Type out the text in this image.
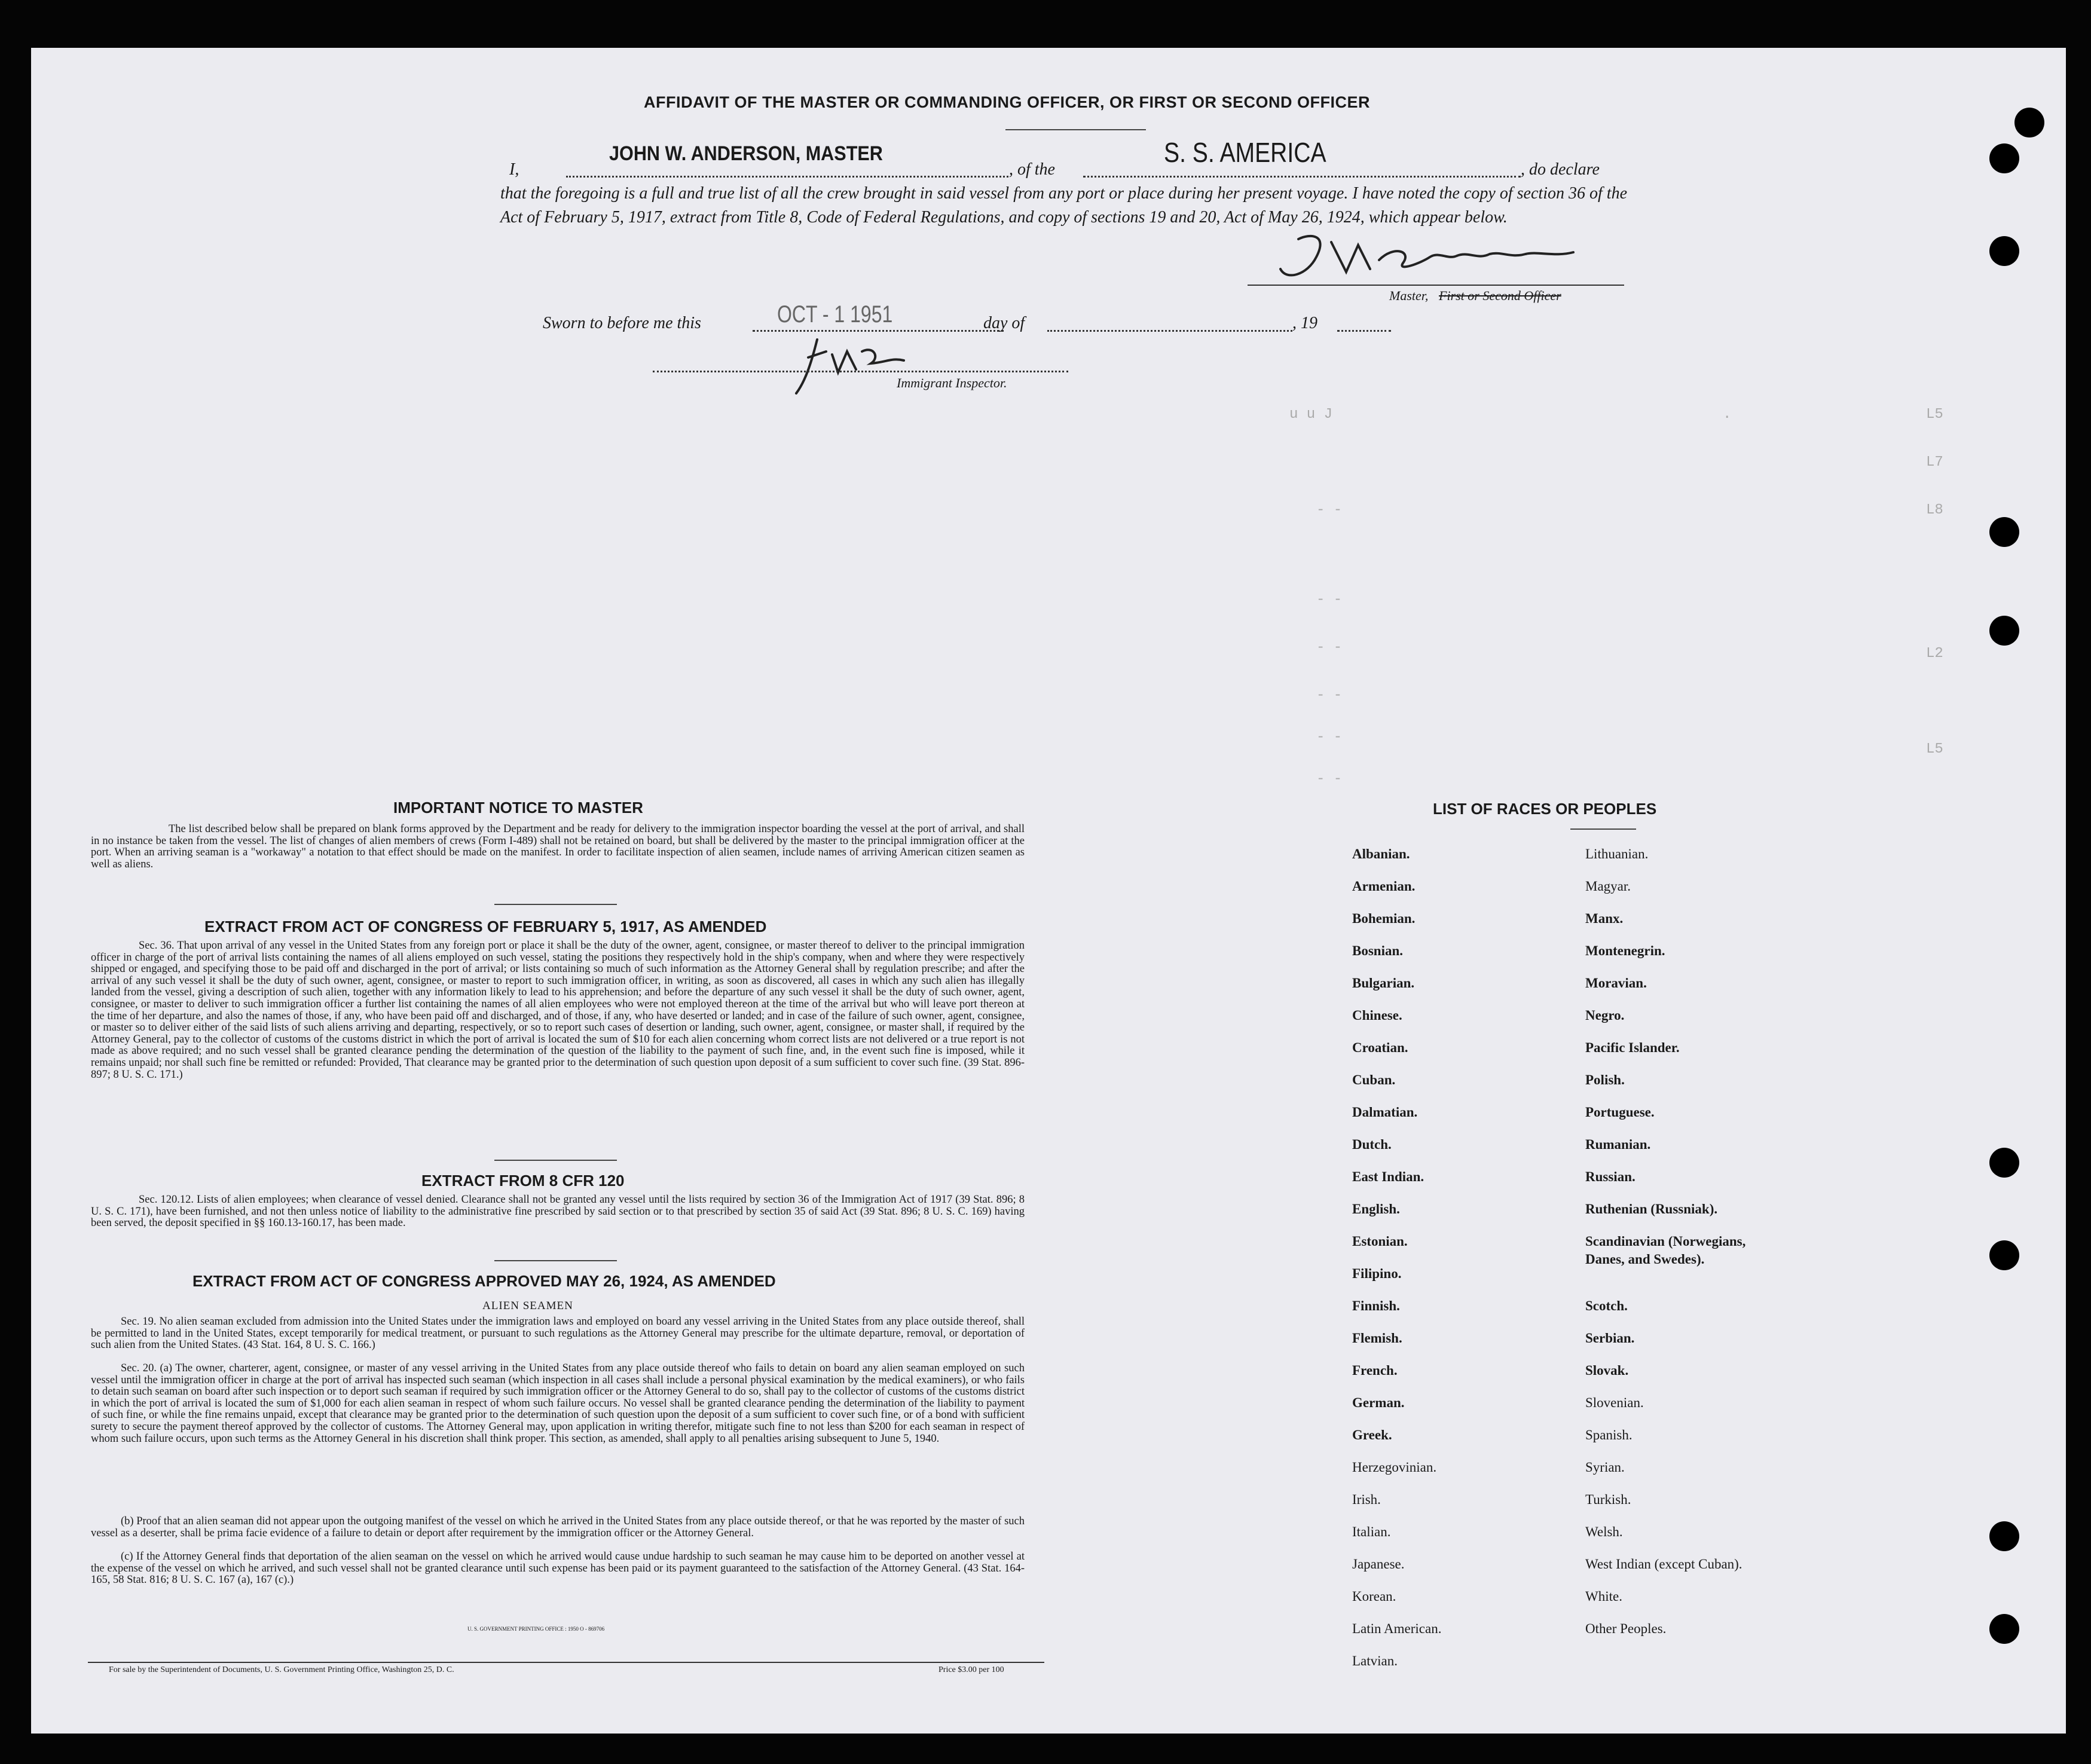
AFFIDAVIT OF THE MASTER OR COMMANDING OFFICER, OR FIRST OR SECOND OFFICER
I,
JOHN W. ANDERSON, MASTER
, of the
S. S. AMERICA
, do declare
that the foregoing is a full and true list of all the crew brought in said vessel from any port or place during her present voyage. I have noted the copy of section 36 of the Act of February 5, 1917, extract from Title 8, Code of Federal Regulations, and copy of sections 19 and 20, Act of May 26, 1924, which appear below.
Master, First or Second Officer
Sworn to before me this	OCT - 1 1951	day of	, 19
Immigrant Inspector.
u u J	.	L5
L7
L8
- -
- -
- -
- -
- -
- -
L2
L5
IMPORTANT NOTICE TO MASTER
The list described below shall be prepared on blank forms approved by the Department and be ready for delivery to the immigration inspector boarding the vessel at the port of arrival, and shall in no instance be taken from the vessel. The list of changes of alien members of crews (Form I-489) shall not be retained on board, but shall be delivered by the master to the principal immigration officer at the port. When an arriving seaman is a "workaway" a notation to that effect should be made on the manifest. In order to facilitate inspection of alien seamen, include names of arriving American citizen seamen as well as aliens.
EXTRACT FROM ACT OF CONGRESS OF FEBRUARY 5, 1917, AS AMENDED
Sec. 36. That upon arrival of any vessel in the United States from any foreign port or place it shall be the duty of the owner, agent, consignee, or master thereof to deliver to the principal immigration officer in charge of the port of arrival lists containing the names of all aliens employed on such vessel, stating the positions they respectively hold in the ship's company, when and where they were respectively shipped or engaged, and specifying those to be paid off and discharged in the port of arrival; or lists containing so much of such information as the Attorney General shall by regulation prescribe; and after the arrival of any such vessel it shall be the duty of such owner, agent, consignee, or master to report to such immigration officer, in writing, as soon as discovered, all cases in which any such alien has illegally landed from the vessel, giving a description of such alien, together with any information likely to lead to his apprehension; and before the departure of any such vessel it shall be the duty of such owner, agent, consignee, or master to deliver to such immigration officer a further list containing the names of all alien employees who were not employed thereon at the time of the arrival but who will leave port thereon at the time of her departure, and also the names of those, if any, who have been paid off and discharged, and of those, if any, who have deserted or landed; and in case of the failure of such owner, agent, consignee, or master so to deliver either of the said lists of such aliens arriving and departing, respectively, or so to report such cases of desertion or landing, such owner, agent, consignee, or master shall, if required by the Attorney General, pay to the collector of customs of the customs district in which the port of arrival is located the sum of $10 for each alien concerning whom correct lists are not delivered or a true report is not made as above required; and no such vessel shall be granted clearance pending the determination of the question of the liability to the payment of such fine, and, in the event such fine is imposed, while it remains unpaid; nor shall such fine be remitted or refunded: Provided, That clearance may be granted prior to the determination of such question upon deposit of a sum sufficient to cover such fine. (39 Stat. 896-897; 8 U. S. C. 171.)
EXTRACT FROM 8 CFR 120
Sec. 120.12. Lists of alien employees; when clearance of vessel denied. Clearance shall not be granted any vessel until the lists required by section 36 of the Immigration Act of 1917 (39 Stat. 896; 8 U. S. C. 171), have been furnished, and not then unless notice of liability to the administrative fine prescribed by said section or to that prescribed by section 35 of said Act (39 Stat. 896; 8 U. S. C. 169) having been served, the deposit specified in §§ 160.13-160.17, has been made.
EXTRACT FROM ACT OF CONGRESS APPROVED MAY 26, 1924, AS AMENDED
ALIEN SEAMEN
Sec. 19. No alien seaman excluded from admission into the United States under the immigration laws and employed on board any vessel arriving in the United States from any place outside thereof, shall be permitted to land in the United States, except temporarily for medical treatment, or pursuant to such regulations as the Attorney General may prescribe for the ultimate departure, removal, or deportation of such alien from the United States. (43 Stat. 164, 8 U. S. C. 166.)
Sec. 20. (a) The owner, charterer, agent, consignee, or master of any vessel arriving in the United States from any place outside thereof who fails to detain on board any alien seaman employed on such vessel until the immigration officer in charge at the port of arrival has inspected such seaman (which inspection in all cases shall include a personal physical examination by the medical examiners), or who fails to detain such seaman on board after such inspection or to deport such seaman if required by such immigration officer or the Attorney General to do so, shall pay to the collector of customs of the customs district in which the port of arrival is located the sum of $1,000 for each alien seaman in respect of whom such failure occurs. No vessel shall be granted clearance pending the determination of the liability to payment of such fine, or while the fine remains unpaid, except that clearance may be granted prior to the determination of such question upon the deposit of a sum sufficient to cover such fine, or of a bond with sufficient surety to secure the payment thereof approved by the collector of customs. The Attorney General may, upon application in writing therefor, mitigate such fine to not less than $200 for each seaman in respect of whom such failure occurs, upon such terms as the Attorney General in his discretion shall think proper. This section, as amended, shall apply to all penalties arising subsequent to June 5, 1940.
(b) Proof that an alien seaman did not appear upon the outgoing manifest of the vessel on which he arrived in the United States from any place outside thereof, or that he was reported by the master of such vessel as a deserter, shall be prima facie evidence of a failure to detain or deport after requirement by the immigration officer or the Attorney General.
(c) If the Attorney General finds that deportation of the alien seaman on the vessel on which he arrived would cause undue hardship to such seaman he may cause him to be deported on another vessel at the expense of the vessel on which he arrived, and such vessel shall not be granted clearance until such expense has been paid or its payment guaranteed to the satisfaction of the Attorney General. (43 Stat. 164-165, 58 Stat. 816; 8 U. S. C. 167 (a), 167 (c).)
U. S. GOVERNMENT PRINTING OFFICE : 1950 O - 869706
For sale by the Superintendent of Documents, U. S. Government Printing Office, Washington 25, D. C.	Price $3.00 per 100
LIST OF RACES OR PEOPLES
Albanian.
Armenian.
Bohemian.
Bosnian.
Bulgarian.
Chinese.
Croatian.
Cuban.
Dalmatian.
Dutch.
East Indian.
English.
Estonian.
Filipino.
Finnish.
Flemish.
French.
German.
Greek.
Herzegovinian.
Irish.
Italian.
Japanese.
Korean.
Latin American.
Latvian.
Lithuanian.
Magyar.
Manx.
Montenegrin.
Moravian.
Negro.
Pacific Islander.
Polish.
Portuguese.
Rumanian.
Russian.
Ruthenian (Russniak).
Scandinavian (Norwegians,
Danes, and Swedes).
Scotch.
Serbian.
Slovak.
Slovenian.
Spanish.
Syrian.
Turkish.
Welsh.
West Indian (except Cuban).
White.
Other Peoples.
